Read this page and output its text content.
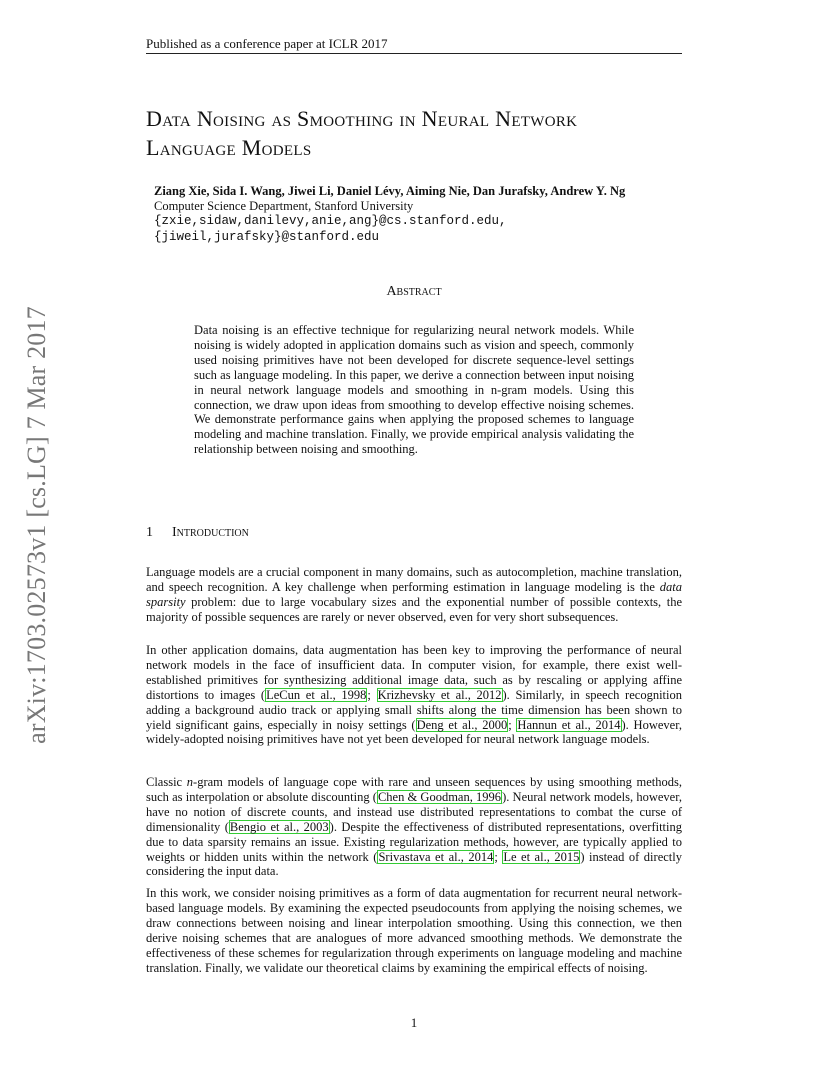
Published as a conference paper at ICLR 2017
arXiv:1703.02573v1 [cs.LG] 7 Mar 2017
Data Noising as Smoothing in Neural Network
Language Models
Ziang Xie, Sida I. Wang, Jiwei Li, Daniel Lévy, Aiming Nie, Dan Jurafsky, Andrew Y. Ng
Computer Science Department, Stanford University
{zxie,sidaw,danilevy,anie,ang}@cs.stanford.edu,
{jiweil,jurafsky}@stanford.edu
Abstract
Data noising is an effective technique for regularizing neural network models. While noising is widely adopted in application domains such as vision and speech, commonly used noising primitives have not been developed for discrete sequence-level settings such as language modeling. In this paper, we derive a connection between input noising in neural network language models and smoothing in n-gram models. Using this connection, we draw upon ideas from smoothing to develop effective noising schemes. We demonstrate performance gains when applying the proposed schemes to language modeling and machine translation. Finally, we provide empirical analysis validating the relationship between noising and smoothing.
1 Introduction

Language models are a crucial component in many domains, such as autocompletion, machine translation, and speech recognition. A key challenge when performing estimation in language modeling is the data sparsity problem: due to large vocabulary sizes and the exponential number of possible contexts, the majority of possible sequences are rarely or never observed, even for very short subsequences.

In other application domains, data augmentation has been key to improving the performance of neural network models in the face of insufficient data. In computer vision, for example, there exist well-established primitives for synthesizing additional image data, such as by rescaling or applying affine distortions to images (LeCun et al., 1998; Krizhevsky et al., 2012). Similarly, in speech recognition adding a background audio track or applying small shifts along the time dimension has been shown to yield significant gains, especially in noisy settings (Deng et al., 2000; Hannun et al., 2014). However, widely-adopted noising primitives have not yet been developed for neural network language models.

Classic n-gram models of language cope with rare and unseen sequences by using smoothing methods, such as interpolation or absolute discounting (Chen & Goodman, 1996). Neural network models, however, have no notion of discrete counts, and instead use distributed representations to combat the curse of dimensionality (Bengio et al., 2003). Despite the effectiveness of distributed representations, overfitting due to data sparsity remains an issue. Existing regularization methods, however, are typically applied to weights or hidden units within the network (Srivastava et al., 2014; Le et al., 2015) instead of directly considering the input data.

In this work, we consider noising primitives as a form of data augmentation for recurrent neural network-based language models. By examining the expected pseudocounts from applying the noising schemes, we draw connections between noising and linear interpolation smoothing. Using this connection, we then derive noising schemes that are analogues of more advanced smoothing methods. We demonstrate the effectiveness of these schemes for regularization through experiments on language modeling and machine translation. Finally, we validate our theoretical claims by examining the empirical effects of noising.

1
